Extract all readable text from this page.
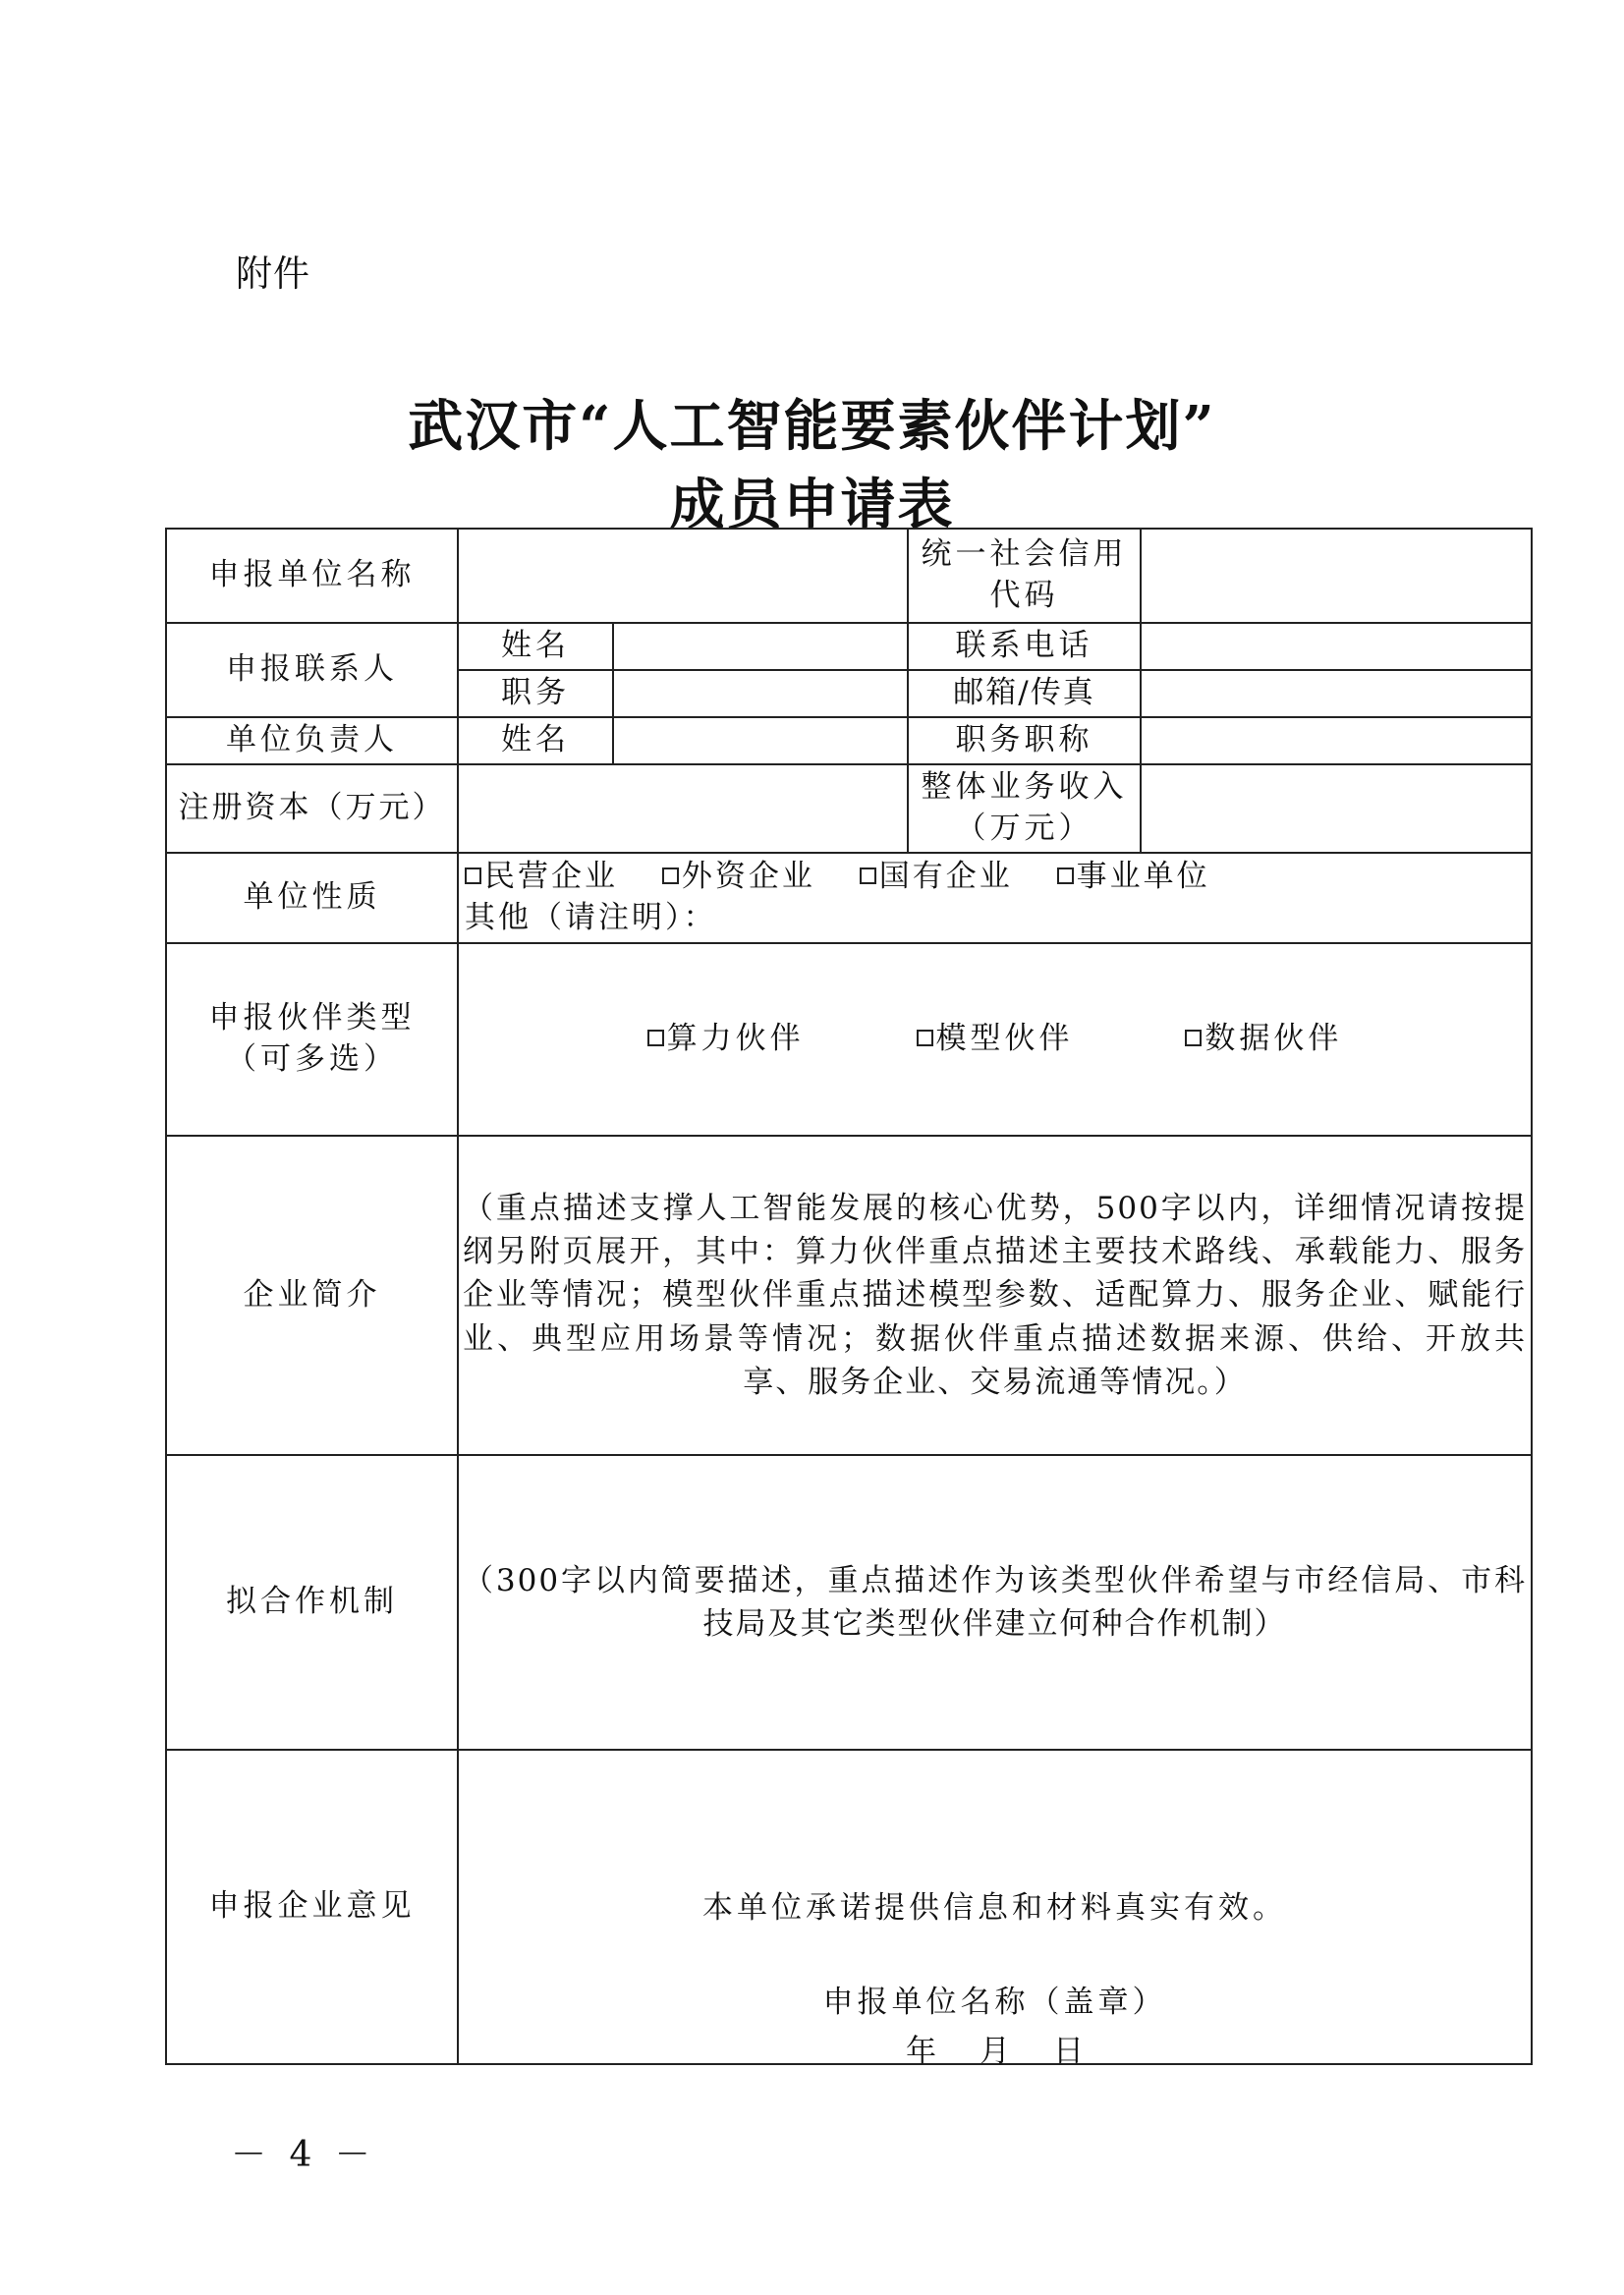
附件
武汉市“人工智能要素伙伴计划”
成员申请表
申报单位名称			统一社会信用代码	
申报联系人	姓名		联系电话	
	职务		邮箱/传真	
单位负责人	姓名		职务职称	
注册资本（万元）			整体业务收入
（万元）	

单位性质	民营企业 外资企业 国有企业 事业单位
其他（请注明）：			

申报伙伴类型
（可多选）	算力伙伴 模型伙伴 数据伙伴			
企业简介	（重点描述支撑人工智能发展的核心优势，500字以内，详细情况请按提纲另附页展开，其中：算力伙伴重点描述主要技术路线、承载能力、服务企业等情况；模型伙伴重点描述模型参数、适配算力、服务企业、赋能行业、典型应用场景等情况；数据伙伴重点描述数据来源、供给、开放共享、服务企业、交易流通等情况。）			

拟合作机制	（300字以内简要描述，重点描述作为该类型伙伴希望与市经信局、市科技局及其它类型伙伴建立何种合作机制）			

申报企业意见	本单位承诺提供信息和材料真实有效。
申报单位名称（盖章）
年 月 日			
－ 4 －
